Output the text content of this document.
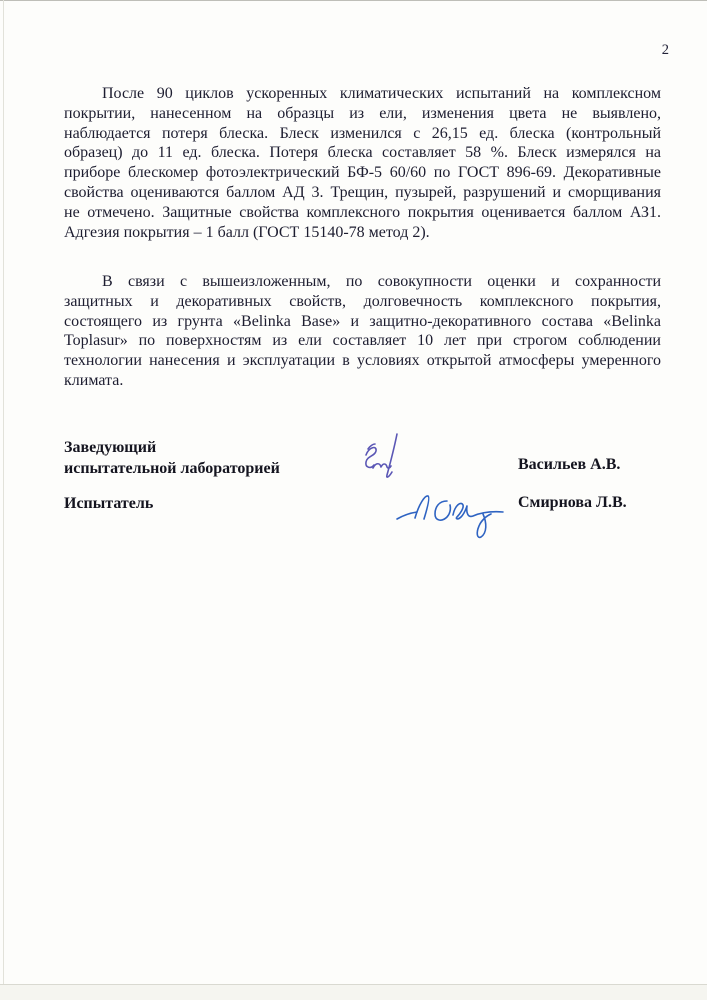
2
После 90 циклов ускоренных климатических испытаний на комплексном
покрытии, нанесенном на образцы из ели, изменения цвета не выявлено,
наблюдается потеря блеска. Блеск изменился с 26,15 ед. блеска (контрольный
образец) до 11 ед. блеска. Потеря блеска составляет 58 %. Блеск измерялся на
приборе блескомер фотоэлектрический БФ-5 60/60 по ГОСТ 896-69. Декоративные
свойства оцениваются баллом АД 3. Трещин, пузырей, разрушений и сморщивания
не отмечено. Защитные свойства комплексного покрытия оценивается баллом АЗ1.
Адгезия покрытия – 1 балл (ГОСТ 15140-78 метод 2).
В связи с вышеизложенным, по совокупности оценки и сохранности
защитных и декоративных свойств, долговечность комплексного покрытия,
состоящего из грунта «Belinka Base» и защитно-декоративного состава «Belinka
Toplasur» по поверхностям из ели составляет 10 лет при строгом соблюдении
технологии нанесения и эксплуатации в условиях открытой атмосферы умеренного
климата.
Заведующий
испытательной лабораторией	Васильев А.В.
Испытатель	Смирнова Л.В.
